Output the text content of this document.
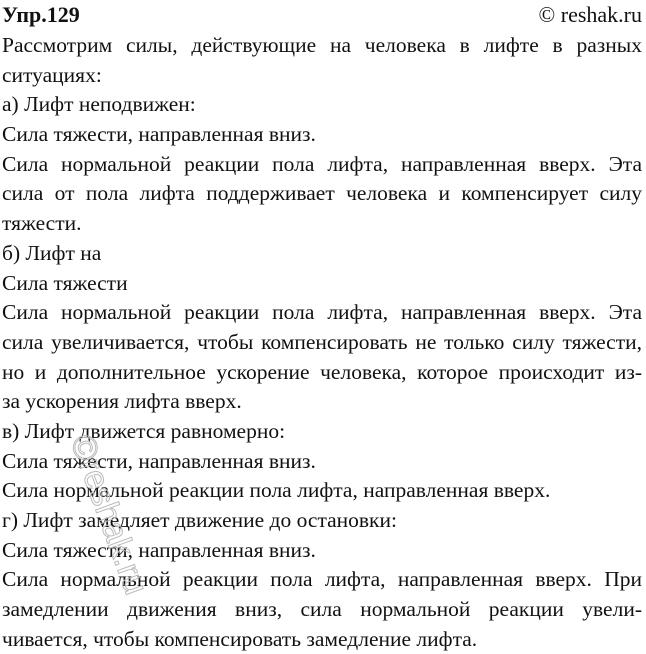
Упр.129	© reshak.ru
Рассмотрим силы, действующие на человека в лифте в разных
ситуациях:
а) Лифт неподвижен:
Сила тяжести, направленная вниз.
Сила нормальной реакции пола лифта, направленная вверх. Эта
сила от пола лифта поддерживает человека и компенсирует силу
тяжести.
б) Лифт на
Сила тяжести
Сила нормальной реакции пола лифта, направленная вверх. Эта
сила увеличивается, чтобы компенсировать не только силу тяжести,
но и дополнительное ускорение человека, которое происходит из-
за ускорения лифта вверх.
в) Лифт движется равномерно:
Сила тяжести, направленная вниз.
Сила нормальной реакции пола лифта, направленная вверх.
г) Лифт замедляет движение до остановки:
Сила тяжести, направленная вниз.
Сила нормальной реакции пола лифта, направленная вверх. При
замедлении движения вниз, сила нормальной реакции увели-
чивается, чтобы компенсировать замедление лифта.
©reshak.ru
